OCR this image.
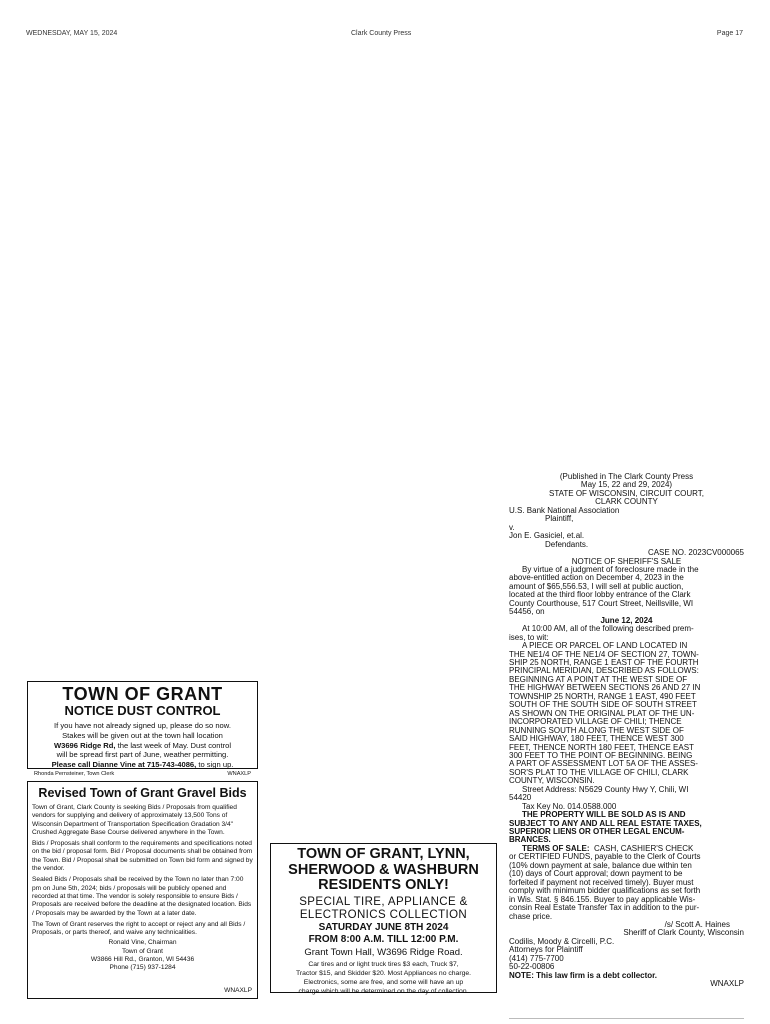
WEDNESDAY, MAY 15, 2024	Clark County Press	Page 17
TOWN OF GRANT
NOTICE DUST CONTROL
If you have not already signed up, please do so now.
Stakes will be given out at the town hall location
W3696 Ridge Rd, the last week of May. Dust control
will be spread first part of June, weather permitting.
Please call Dianne Vine at 715-743-4086, to sign up.
Rhonda Pernsteiner, Town Clerk	WNAXLP
Revised Town of Grant Gravel Bids

Town of Grant, Clark County is seeking Bids / Proposals from qualified vendors for supplying and delivery of approximately 13,500 Tons of Wisconsin Department of Transportation Specification Gradation 3/4" Crushed Aggregate Base Course delivered anywhere in the Town.

Bids / Proposals shall conform to the requirements and specifications noted on the bid / proposal form. Bid / Proposal documents shall be obtained from the Town. Bid / Proposal shall be submitted on Town bid form and signed by the vendor.

Sealed Bids / Proposals shall be received by the Town no later than 7:00 pm on June 5th, 2024; bids / proposals will be publicly opened and recorded at that time. The vendor is solely responsible to ensure Bids / Proposals are received before the deadline at the designated location. Bids / Proposals may be awarded by the Town at a later date.

The Town of Grant reserves the right to accept or reject any and all Bids / Proposals, or parts thereof, and waive any technicalities.

Ronald Vine, Chairman
Town of Grant
W3866 Hill Rd., Granton, WI 54436
Phone (715) 937-1284
WNAXLP
TOWN OF GRANT, LYNN,
SHERWOOD & WASHBURN
RESIDENTS ONLY!
SPECIAL TIRE, APPLIANCE &
ELECTRONICS COLLECTION
SATURDAY JUNE 8TH 2024
FROM 8:00 A.M. TILL 12:00 P.M.
Grant Town Hall, W3696 Ridge Road.
Car tires and or light truck tires $3 each, Truck $7,
Tractor $15, and Skidder $20. Most Appliances no charge.
Electronics, some are free, and some will have an up
charge which will be determined on the day of collection.
(Published in The Clark County Press
May 15, 22 and 29, 2024)
STATE OF WISCONSIN, CIRCUIT COURT,
CLARK COUNTY
U.S. Bank National Association
Plaintiff,
v.
Jon E. Gasiciel, et.al.
Defendants.
CASE NO. 2023CV000065
NOTICE OF SHERIFF'S SALE
By virtue of a judgment of foreclosure made in the
above-entitled action on December 4, 2023 in the
amount of $65,556.53, I will sell at public auction,
located at the third floor lobby entrance of the Clark
County Courthouse, 517 Court Street, Neillsville, WI
54456, on
June 12, 2024
At 10:00 AM, all of the following described prem-
ises, to wit:
A PIECE OR PARCEL OF LAND LOCATED IN
THE NE1/4 OF THE NE1/4 OF SECTION 27, TOWN-
SHIP 25 NORTH, RANGE 1 EAST OF THE FOURTH
PRINCIPAL MERIDIAN, DESCRIBED AS FOLLOWS:
BEGINNING AT A POINT AT THE WEST SIDE OF
THE HIGHWAY BETWEEN SECTIONS 26 AND 27 IN
TOWNSHIP 25 NORTH, RANGE 1 EAST, 490 FEET
SOUTH OF THE SOUTH SIDE OF SOUTH STREET
AS SHOWN ON THE ORIGINAL PLAT OF THE UN-
INCORPORATED VILLAGE OF CHILI; THENCE
RUNNING SOUTH ALONG THE WEST SIDE OF
SAID HIGHWAY, 180 FEET, THENCE WEST 300
FEET, THENCE NORTH 180 FEET, THENCE EAST
300 FEET TO THE POINT OF BEGINNING. BEING
A PART OF ASSESSMENT LOT 5A OF THE ASSES-
SOR'S PLAT TO THE VILLAGE OF CHILI, CLARK
COUNTY, WISCONSIN.
Street Address: N5629 County Hwy Y, Chili, WI
54420
Tax Key No. 014.0588.000
THE PROPERTY WILL BE SOLD AS IS AND
SUBJECT TO ANY AND ALL REAL ESTATE TAXES,
SUPERIOR LIENS OR OTHER LEGAL ENCUM-
BRANCES.
TERMS OF SALE: CASH, CASHIER'S CHECK
or CERTIFIED FUNDS, payable to the Clerk of Courts
(10% down payment at sale, balance due within ten
(10) days of Court approval; down payment to be
forfeited if payment not received timely). Buyer must
comply with minimum bidder qualifications as set forth
in Wis. Stat. § 846.155. Buyer to pay applicable Wis-
consin Real Estate Transfer Tax in addition to the pur-
chase price.
/s/ Scott A. Haines
Sheriff of Clark County, Wisconsin
Codilis, Moody & Circelli, P.C.
Attorneys for Plaintiff
(414) 775-7700
50-22-00806
NOTE: This law firm is a debt collector.
WNAXLP
